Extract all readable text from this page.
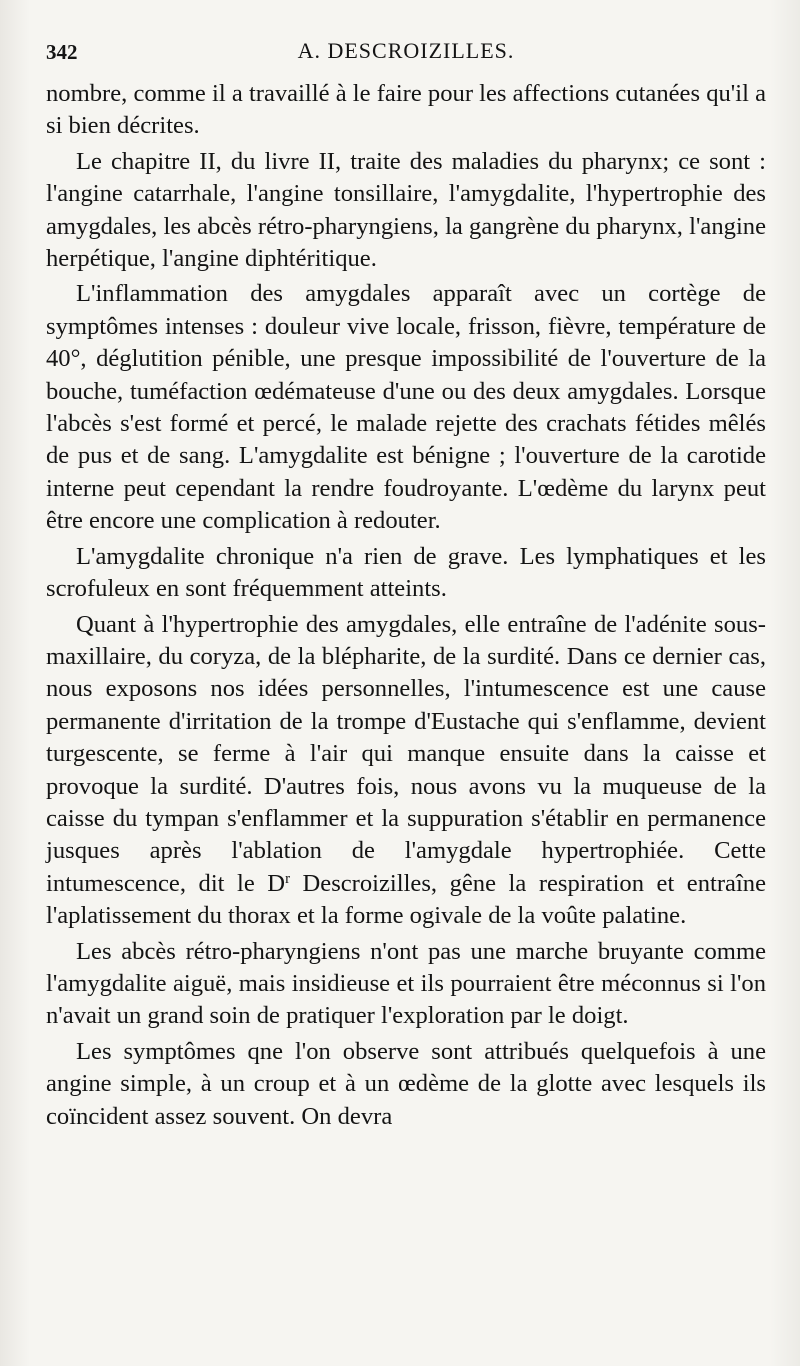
342	A. DESCROIZILLES.

nombre, comme il a travaillé à le faire pour les affections cutanées qu'il a si bien décrites.

Le chapitre II, du livre II, traite des maladies du pharynx; ce sont : l'angine catarrhale, l'angine tonsillaire, l'amygdalite, l'hypertrophie des amygdales, les abcès rétro-pharyngiens, la gangrène du pharynx, l'angine herpétique, l'angine diphtéritique.

L'inflammation des amygdales apparaît avec un cortège de symptômes intenses : douleur vive locale, frisson, fièvre, température de 40°, déglutition pénible, une presque impossibilité de l'ouverture de la bouche, tuméfaction œdémateuse d'une ou des deux amygdales. Lorsque l'abcès s'est formé et percé, le malade rejette des crachats fétides mêlés de pus et de sang. L'amygdalite est bénigne ; l'ouverture de la carotide interne peut cependant la rendre foudroyante. L'œdème du larynx peut être encore une complication à redouter.

L'amygdalite chronique n'a rien de grave. Les lymphatiques et les scrofuleux en sont fréquemment atteints.

Quant à l'hypertrophie des amygdales, elle entraîne de l'adénite sous-maxillaire, du coryza, de la blépharite, de la surdité. Dans ce dernier cas, nous exposons nos idées personnelles, l'intumescence est une cause permanente d'irritation de la trompe d'Eustache qui s'enflamme, devient turgescente, se ferme à l'air qui manque ensuite dans la caisse et provoque la surdité. D'autres fois, nous avons vu la muqueuse de la caisse du tympan s'enflammer et la suppuration s'établir en permanence jusques après l'ablation de l'amygdale hypertrophiée. Cette intumescence, dit le $D^r$ Descroizilles, gêne la respiration et entraîne l'aplatissement du thorax et la forme ogivale de la voûte palatine.

Les abcès rétro-pharyngiens n'ont pas une marche bruyante comme l'amygdalite aiguë, mais insidieuse et ils pourraient être méconnus si l'on n'avait un grand soin de pratiquer l'exploration par le doigt.

Les symptômes qne l'on observe sont attribués quelquefois à une angine simple, à un croup et à un œdème de la glotte avec lesquels ils coïncident assez souvent. On devra
